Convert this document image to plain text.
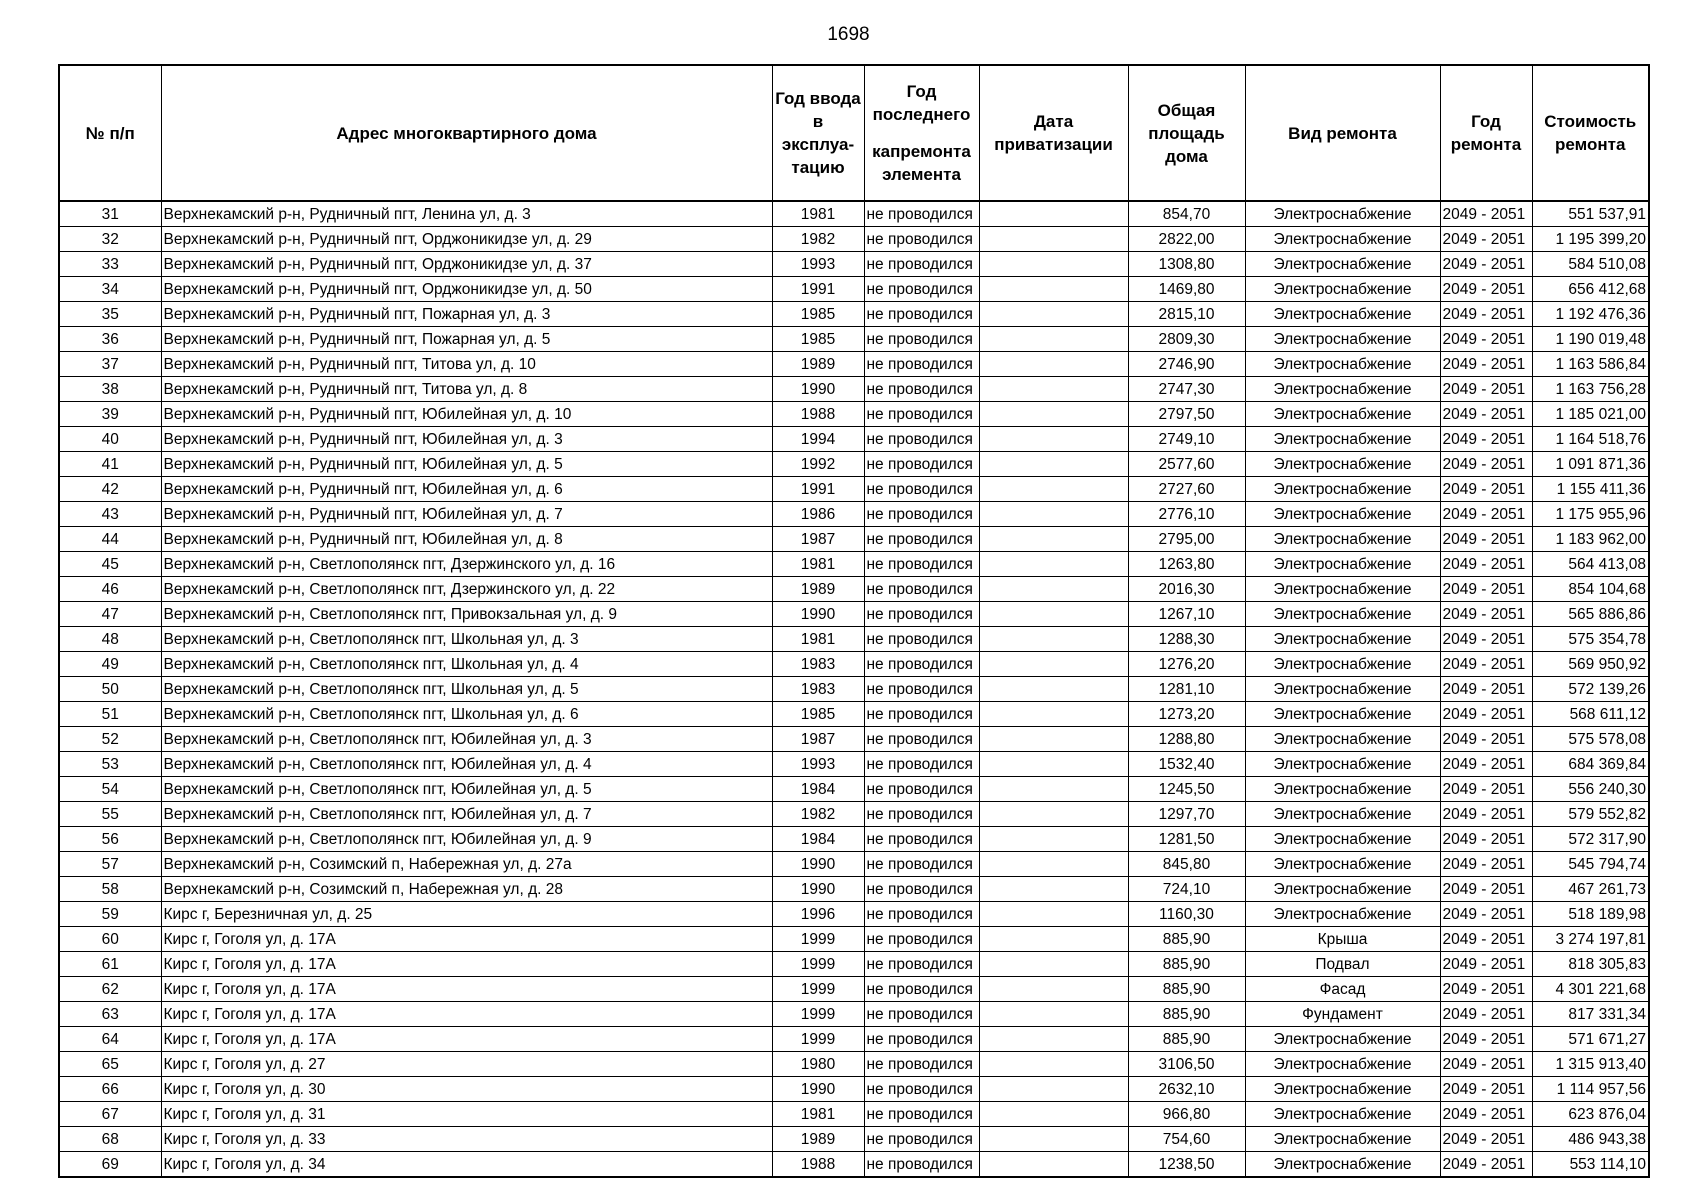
1698
№ п/п	Адрес многоквартирного дома	Год ввода в эксплуа-тацию	Год последнего
капремонта элемента	Дата приватизации	Общая площадь дома	Вид ремонта	Год ремонта	Стоимость ремонта
31	Верхнекамский р-н, Рудничный пгт, Ленина ул, д. 3	1981	не проводился		854,70	Электроснабжение	2049 - 2051	551 537,91
32	Верхнекамский р-н, Рудничный пгт, Орджоникидзе ул, д. 29	1982	не проводился		2822,00	Электроснабжение	2049 - 2051	1 195 399,20
33	Верхнекамский р-н, Рудничный пгт, Орджоникидзе ул, д. 37	1993	не проводился		1308,80	Электроснабжение	2049 - 2051	584 510,08
34	Верхнекамский р-н, Рудничный пгт, Орджоникидзе ул, д. 50	1991	не проводился		1469,80	Электроснабжение	2049 - 2051	656 412,68
35	Верхнекамский р-н, Рудничный пгт, Пожарная ул, д. 3	1985	не проводился		2815,10	Электроснабжение	2049 - 2051	1 192 476,36
36	Верхнекамский р-н, Рудничный пгт, Пожарная ул, д. 5	1985	не проводился		2809,30	Электроснабжение	2049 - 2051	1 190 019,48
37	Верхнекамский р-н, Рудничный пгт, Титова ул, д. 10	1989	не проводился		2746,90	Электроснабжение	2049 - 2051	1 163 586,84
38	Верхнекамский р-н, Рудничный пгт, Титова ул, д. 8	1990	не проводился		2747,30	Электроснабжение	2049 - 2051	1 163 756,28
39	Верхнекамский р-н, Рудничный пгт, Юбилейная ул, д. 10	1988	не проводился		2797,50	Электроснабжение	2049 - 2051	1 185 021,00
40	Верхнекамский р-н, Рудничный пгт, Юбилейная ул, д. 3	1994	не проводился		2749,10	Электроснабжение	2049 - 2051	1 164 518,76
41	Верхнекамский р-н, Рудничный пгт, Юбилейная ул, д. 5	1992	не проводился		2577,60	Электроснабжение	2049 - 2051	1 091 871,36
42	Верхнекамский р-н, Рудничный пгт, Юбилейная ул, д. 6	1991	не проводился		2727,60	Электроснабжение	2049 - 2051	1 155 411,36
43	Верхнекамский р-н, Рудничный пгт, Юбилейная ул, д. 7	1986	не проводился		2776,10	Электроснабжение	2049 - 2051	1 175 955,96
44	Верхнекамский р-н, Рудничный пгт, Юбилейная ул, д. 8	1987	не проводился		2795,00	Электроснабжение	2049 - 2051	1 183 962,00
45	Верхнекамский р-н, Светлополянск пгт, Дзержинского ул, д. 16	1981	не проводился		1263,80	Электроснабжение	2049 - 2051	564 413,08
46	Верхнекамский р-н, Светлополянск пгт, Дзержинского ул, д. 22	1989	не проводился		2016,30	Электроснабжение	2049 - 2051	854 104,68
47	Верхнекамский р-н, Светлополянск пгт, Привокзальная ул, д. 9	1990	не проводился		1267,10	Электроснабжение	2049 - 2051	565 886,86
48	Верхнекамский р-н, Светлополянск пгт, Школьная ул, д. 3	1981	не проводился		1288,30	Электроснабжение	2049 - 2051	575 354,78
49	Верхнекамский р-н, Светлополянск пгт, Школьная ул, д. 4	1983	не проводился		1276,20	Электроснабжение	2049 - 2051	569 950,92
50	Верхнекамский р-н, Светлополянск пгт, Школьная ул, д. 5	1983	не проводился		1281,10	Электроснабжение	2049 - 2051	572 139,26
51	Верхнекамский р-н, Светлополянск пгт, Школьная ул, д. 6	1985	не проводился		1273,20	Электроснабжение	2049 - 2051	568 611,12
52	Верхнекамский р-н, Светлополянск пгт, Юбилейная ул, д. 3	1987	не проводился		1288,80	Электроснабжение	2049 - 2051	575 578,08
53	Верхнекамский р-н, Светлополянск пгт, Юбилейная ул, д. 4	1993	не проводился		1532,40	Электроснабжение	2049 - 2051	684 369,84
54	Верхнекамский р-н, Светлополянск пгт, Юбилейная ул, д. 5	1984	не проводился		1245,50	Электроснабжение	2049 - 2051	556 240,30
55	Верхнекамский р-н, Светлополянск пгт, Юбилейная ул, д. 7	1982	не проводился		1297,70	Электроснабжение	2049 - 2051	579 552,82
56	Верхнекамский р-н, Светлополянск пгт, Юбилейная ул, д. 9	1984	не проводился		1281,50	Электроснабжение	2049 - 2051	572 317,90
57	Верхнекамский р-н, Созимский п, Набережная ул, д. 27а	1990	не проводился		845,80	Электроснабжение	2049 - 2051	545 794,74
58	Верхнекамский р-н, Созимский п, Набережная ул, д. 28	1990	не проводился		724,10	Электроснабжение	2049 - 2051	467 261,73
59	Кирс г, Березничная ул, д. 25	1996	не проводился		1160,30	Электроснабжение	2049 - 2051	518 189,98
60	Кирс г, Гоголя ул, д. 17А	1999	не проводился		885,90	Крыша	2049 - 2051	3 274 197,81
61	Кирс г, Гоголя ул, д. 17А	1999	не проводился		885,90	Подвал	2049 - 2051	818 305,83
62	Кирс г, Гоголя ул, д. 17А	1999	не проводился		885,90	Фасад	2049 - 2051	4 301 221,68
63	Кирс г, Гоголя ул, д. 17А	1999	не проводился		885,90	Фундамент	2049 - 2051	817 331,34
64	Кирс г, Гоголя ул, д. 17А	1999	не проводился		885,90	Электроснабжение	2049 - 2051	571 671,27
65	Кирс г, Гоголя ул, д. 27	1980	не проводился		3106,50	Электроснабжение	2049 - 2051	1 315 913,40
66	Кирс г, Гоголя ул, д. 30	1990	не проводился		2632,10	Электроснабжение	2049 - 2051	1 114 957,56
67	Кирс г, Гоголя ул, д. 31	1981	не проводился		966,80	Электроснабжение	2049 - 2051	623 876,04
68	Кирс г, Гоголя ул, д. 33	1989	не проводился		754,60	Электроснабжение	2049 - 2051	486 943,38
69	Кирс г, Гоголя ул, д. 34	1988	не проводился		1238,50	Электроснабжение	2049 - 2051	553 114,10
